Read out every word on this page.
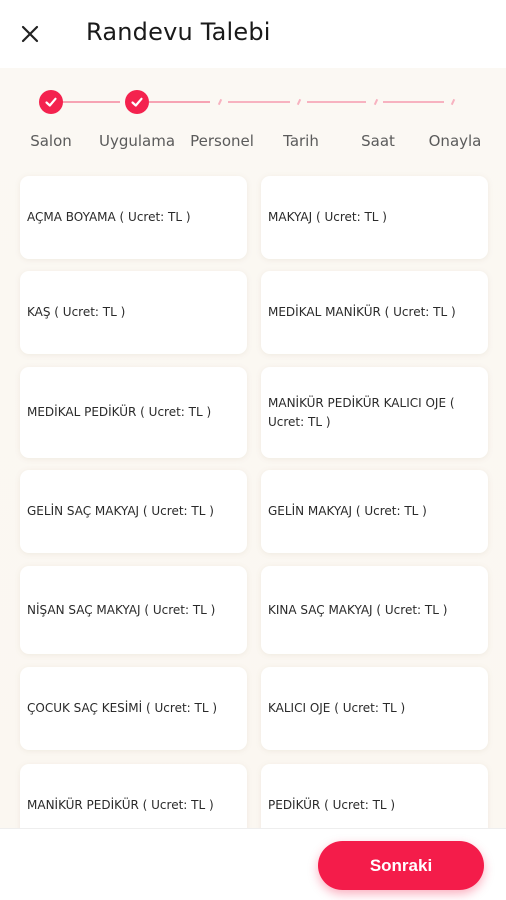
Randevu Talebi
Salon Uygulama Personel Tarih	Saat Onayla
AÇMA BOYAMA ( Ucret: TL )	MAKYAJ ( Ucret: TL )
KAŞ ( Ucret: TL )	MEDİKAL MANİKÜR ( Ucret: TL )
MEDİKAL PEDİKÜR ( Ucret: TL )
MANİKÜR PEDİKÜR KALICI OJE ( Ucret: TL )
GELİN SAÇ MAKYAJ ( Ucret: TL )	GELİN MAKYAJ ( Ucret: TL )
NİŞAN SAÇ MAKYAJ ( Ucret: TL )	KINA SAÇ MAKYAJ ( Ucret: TL )
ÇOCUK SAÇ KESİMİ ( Ucret: TL )	KALICI OJE ( Ucret: TL )
MANİKÜR PEDİKÜR ( Ucret: TL )	PEDİKÜR ( Ucret: TL )
Sonraki
